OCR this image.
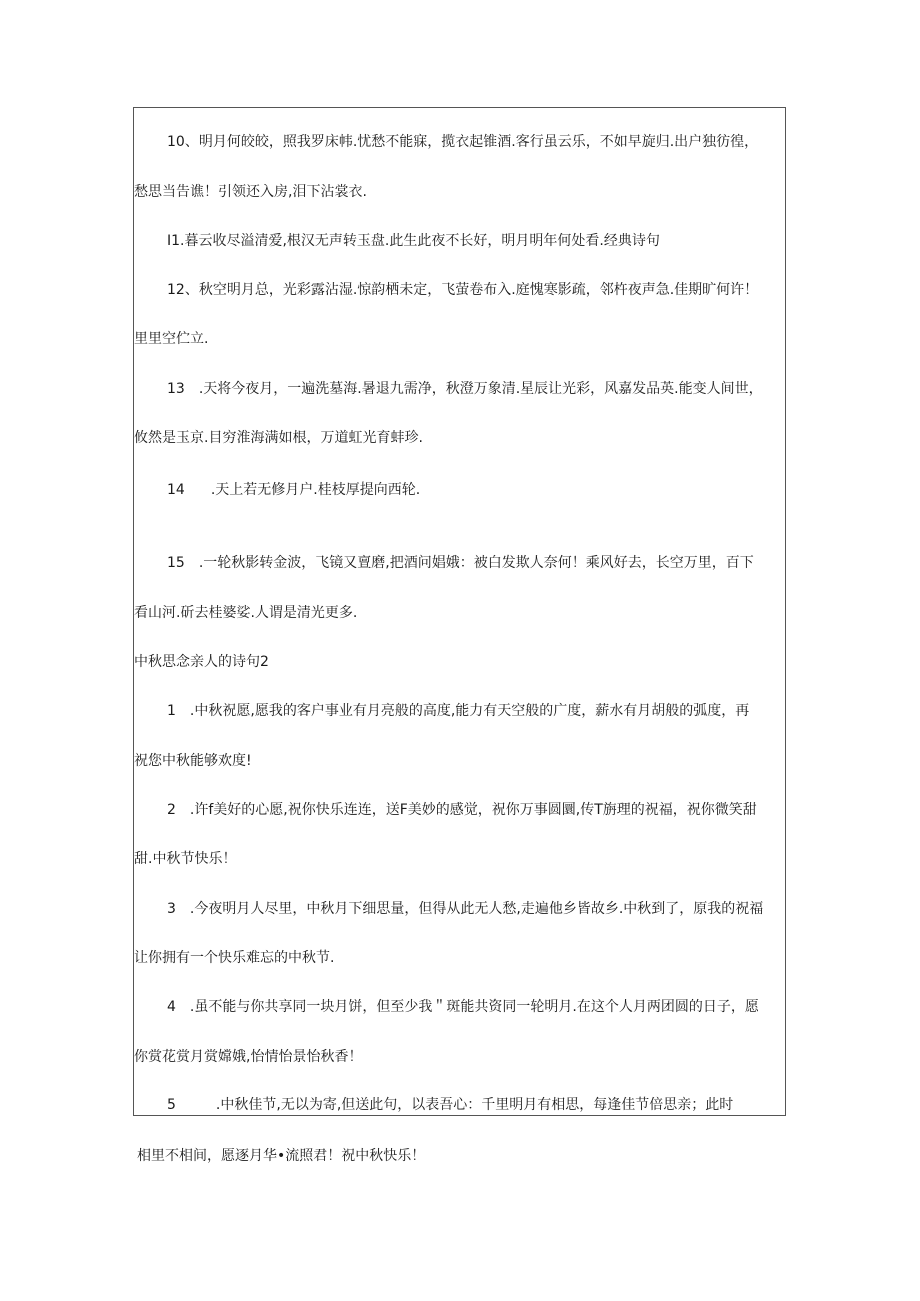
10、明月何皎皎，照我罗床帏.忧愁不能寐，揽衣起锥酒.客行虽云乐，不如早旋归.出户独彷徨，
愁思当告谯！引领还入房,泪下沾裳衣.
I1.暮云收尽溢清爱,根汉无声转玉盘.此生此夜不长好，明月明年何处看.经典诗句
12、秋空明月总，光彩露沾湿.惊韵栖未定，飞萤卷布入.庭愧寒影疏，邻杵夜声急.佳期旷何许！
里里空伫立.
13 .天将今夜月，一遍洗墓海.暑退九需净，秋澄万象清.星辰让光彩，风嘉发品英.能变人间世，
攸然是玉京.目穷淮海满如根，万道虹光育蚌珍.
14 .天上若无修月户.桂枝厚提向西轮.
15 .一轮秋影转金波，飞镜又亶磨,把酒问娼娥：被白发欺人奈何！乘风好去，长空万里，百下
看山河.斫去桂婆娑.人谓是清光更多.
中秋思念亲人的诗句2
1 .中秋祝愿,愿我的客户事业有月亮般的高度,能力有天空般的广度，薪水有月胡般的弧度，再
祝您中秋能够欢度!
2 .许f美好的心愿,祝你快乐连连，送F美妙的感觉，祝你万事圆圜,传T旃理的祝福，祝你微笑甜
甜.中秋节快乐！
3 .今夜明月人尽里，中秋月下细思量，但得从此无人愁,走遍他乡皆故乡.中秋到了，原我的祝福
让你拥有一个快乐难忘的中秋节.
4 .虽不能与你共享同一块月饼，但至少我＂斑能共资同一轮明月.在这个人月两团圆的日子，愿
你赏花赏月赏嫦娥,怡情怡景怡秋香！
5	.中秋佳节,无以为寄,但送此句，以表吾心：千里明月有相思，每逢佳节倍思亲；此时
相里不相间，愿逐月华•流照君！祝中秋快乐！
